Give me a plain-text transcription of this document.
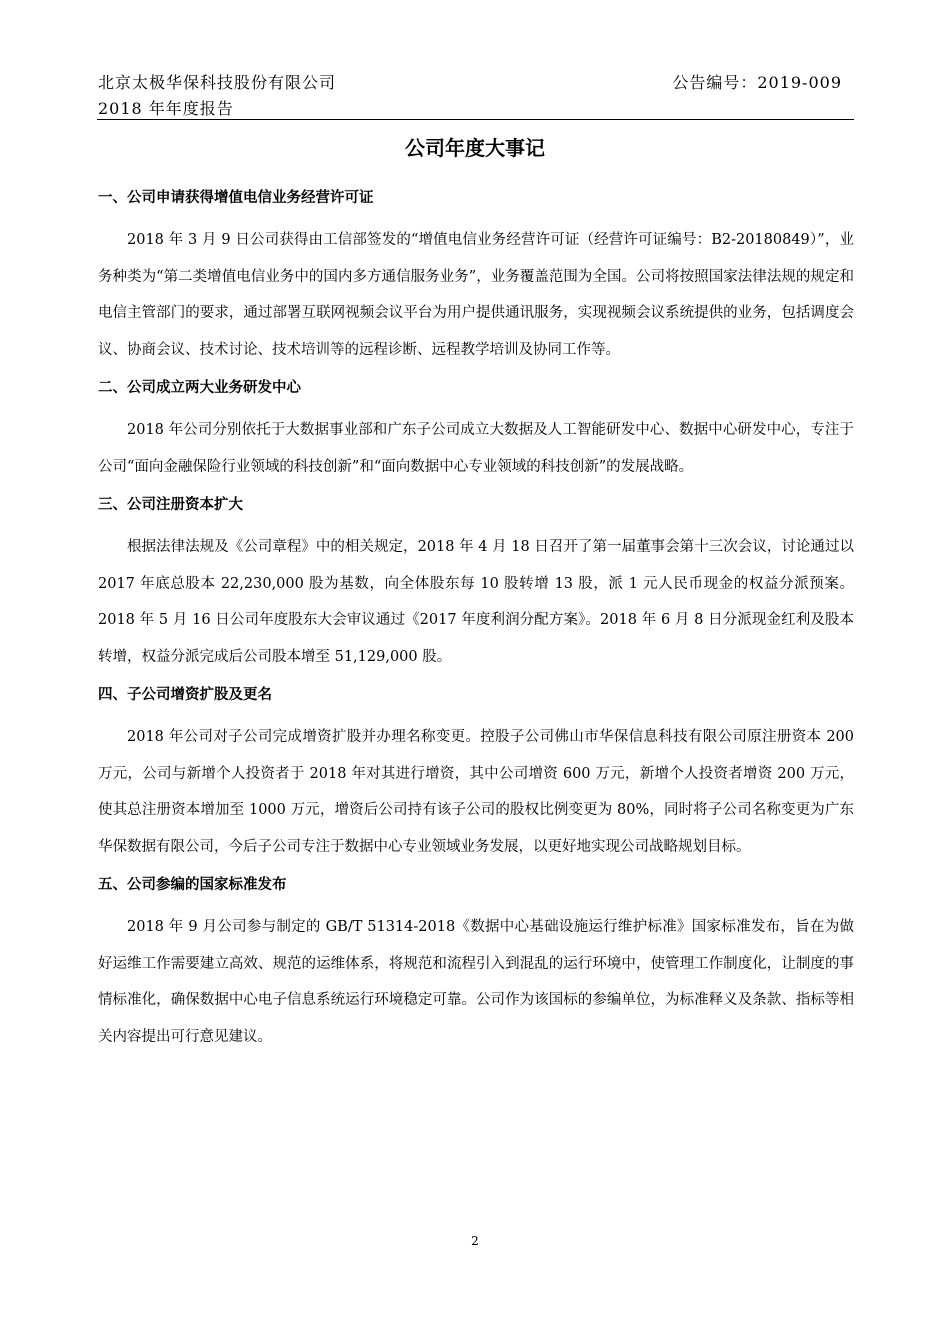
北京太极华保科技股份有限公司
2018 年年度报告
公告编号：2019-009
公司年度大事记
一、公司申请获得增值电信业务经营许可证
2018 年 3 月 9 日公司获得由工信部签发的“增值电信业务经营许可证（经营许可证编号：B2-20180849）”，业务种类为“第二类增值电信业务中的国内多方通信服务业务”，业务覆盖范围为全国。公司将按照国家法律法规的规定和电信主管部门的要求，通过部署互联网视频会议平台为用户提供通讯服务，实现视频会议系统提供的业务，包括调度会议、协商会议、技术讨论、技术培训等的远程诊断、远程教学培训及协同工作等。
二、公司成立两大业务研发中心
2018 年公司分别依托于大数据事业部和广东子公司成立大数据及人工智能研发中心、数据中心研发中心，专注于公司“面向金融保险行业领域的科技创新”和“面向数据中心专业领域的科技创新”的发展战略。
三、公司注册资本扩大
根据法律法规及《公司章程》中的相关规定，2018 年 4 月 18 日召开了第一届董事会第十三次会议，讨论通过以 2017 年底总股本 22,230,000 股为基数，向全体股东每 10 股转增 13 股，派 1 元人民币现金的权益分派预案。2018 年 5 月 16 日公司年度股东大会审议通过《2017 年度利润分配方案》。2018 年 6 月 8 日分派现金红利及股本转增，权益分派完成后公司股本增至 51,129,000 股。
四、子公司增资扩股及更名
2018 年公司对子公司完成增资扩股并办理名称变更。控股子公司佛山市华保信息科技有限公司原注册资本 200 万元，公司与新增个人投资者于 2018 年对其进行增资，其中公司增资 600 万元，新增个人投资者增资 200 万元，使其总注册资本增加至 1000 万元，增资后公司持有该子公司的股权比例变更为 80%，同时将子公司名称变更为广东华保数据有限公司，今后子公司专注于数据中心专业领域业务发展，以更好地实现公司战略规划目标。
五、公司参编的国家标准发布
2018 年 9 月公司参与制定的 GB/T 51314-2018《数据中心基础设施运行维护标准》国家标准发布，旨在为做好运维工作需要建立高效、规范的运维体系，将规范和流程引入到混乱的运行环境中，使管理工作制度化，让制度的事情标准化，确保数据中心电子信息系统运行环境稳定可靠。公司作为该国标的参编单位，为标准释义及条款、指标等相关内容提出可行意见建议。
2
